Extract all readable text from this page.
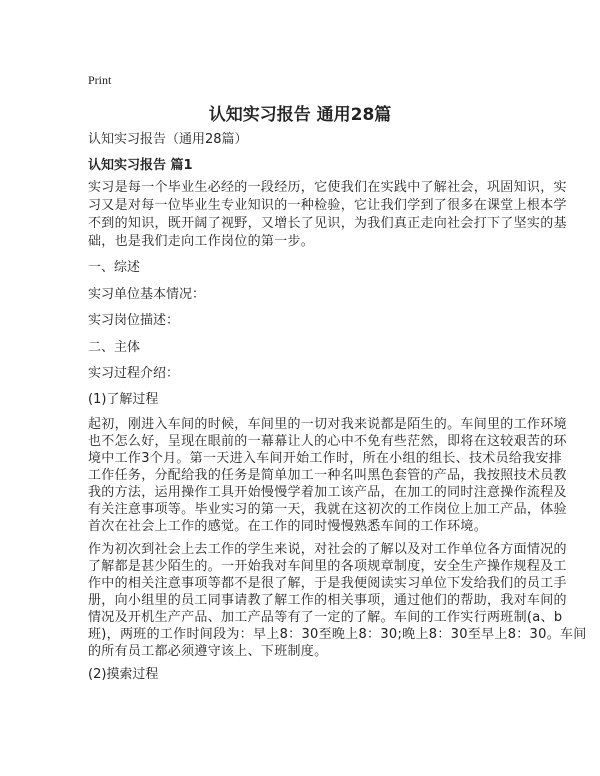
Print
认知实习报告 通用28篇
认知实习报告（通用28篇）
认知实习报告 篇1
实习是每一个毕业生必经的一段经历，它使我们在实践中了解社会，巩固知识，实
习又是对每一位毕业生专业知识的一种检验，它让我们学到了很多在课堂上根本学
不到的知识，既开阔了视野，又增长了见识，为我们真正走向社会打下了坚实的基
础，也是我们走向工作岗位的第一步。
一、综述
实习单位基本情况：
实习岗位描述：
二、主体
实习过程介绍：
(1)了解过程
起初，刚进入车间的时候，车间里的一切对我来说都是陌生的。车间里的工作环境
也不怎么好，呈现在眼前的一幕幕让人的心中不免有些茫然，即将在这较艰苦的环
境中工作3个月。第一天进入车间开始工作时，所在小组的组长、技术员给我安排
工作任务，分配给我的任务是简单加工一种名叫黑色套管的产品，我按照技术员教
我的方法，运用操作工具开始慢慢学着加工该产品，在加工的同时注意操作流程及
有关注意事项等。毕业实习的第一天，我就在这初次的工作岗位上加工产品，体验
首次在社会上工作的感觉。在工作的同时慢慢熟悉车间的工作环境。
作为初次到社会上去工作的学生来说，对社会的了解以及对工作单位各方面情况的
了解都是甚少陌生的。一开始我对车间里的各项规章制度，安全生产操作规程及工
作中的相关注意事项等都不是很了解，于是我便阅读实习单位下发给我们的员工手
册，向小组里的员工同事请教了解工作的相关事项，通过他们的帮助，我对车间的
情况及开机生产产品、加工产品等有了一定的了解。车间的工作实行两班制(a、b
班)，两班的工作时间段为：早上8：30至晚上8：30;晚上8：30至早上8：30。车间
的所有员工都必须遵守该上、下班制度。
(2)摸索过程
